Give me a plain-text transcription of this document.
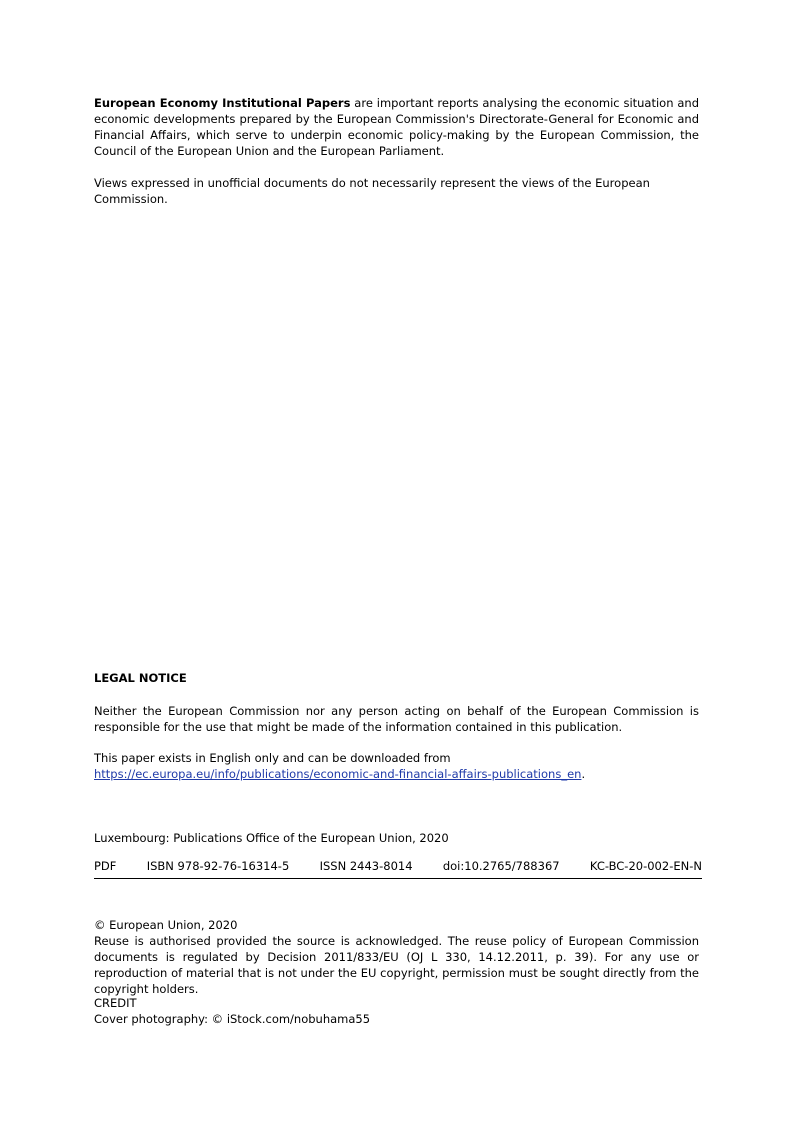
European Economy Institutional Papers are important reports analysing the economic situation and economic developments prepared by the European Commission's Directorate-General for Economic and Financial Affairs, which serve to underpin economic policy-making by the European Commission, the Council of the European Union and the European Parliament.

Views expressed in unofficial documents do not necessarily represent the views of the European Commission.

LEGAL NOTICE

Neither the European Commission nor any person acting on behalf of the European Commission is responsible for the use that might be made of the information contained in this publication.

This paper exists in English only and can be downloaded from
https://ec.europa.eu/info/publications/economic-and-financial-affairs-publications_en.

Luxembourg: Publications Office of the European Union, 2020

PDF	ISBN 978-92-76-16314-5	ISSN 2443-8014	doi:10.2765/788367	KC-BC-20-002-EN-N
© European Union, 2020
Reuse is authorised provided the source is acknowledged. The reuse policy of European Commission documents is regulated by Decision 2011/833/EU (OJ L 330, 14.12.2011, p. 39). For any use or reproduction of material that is not under the EU copyright, permission must be sought directly from the copyright holders.
CREDIT
Cover photography: © iStock.com/nobuhama55
